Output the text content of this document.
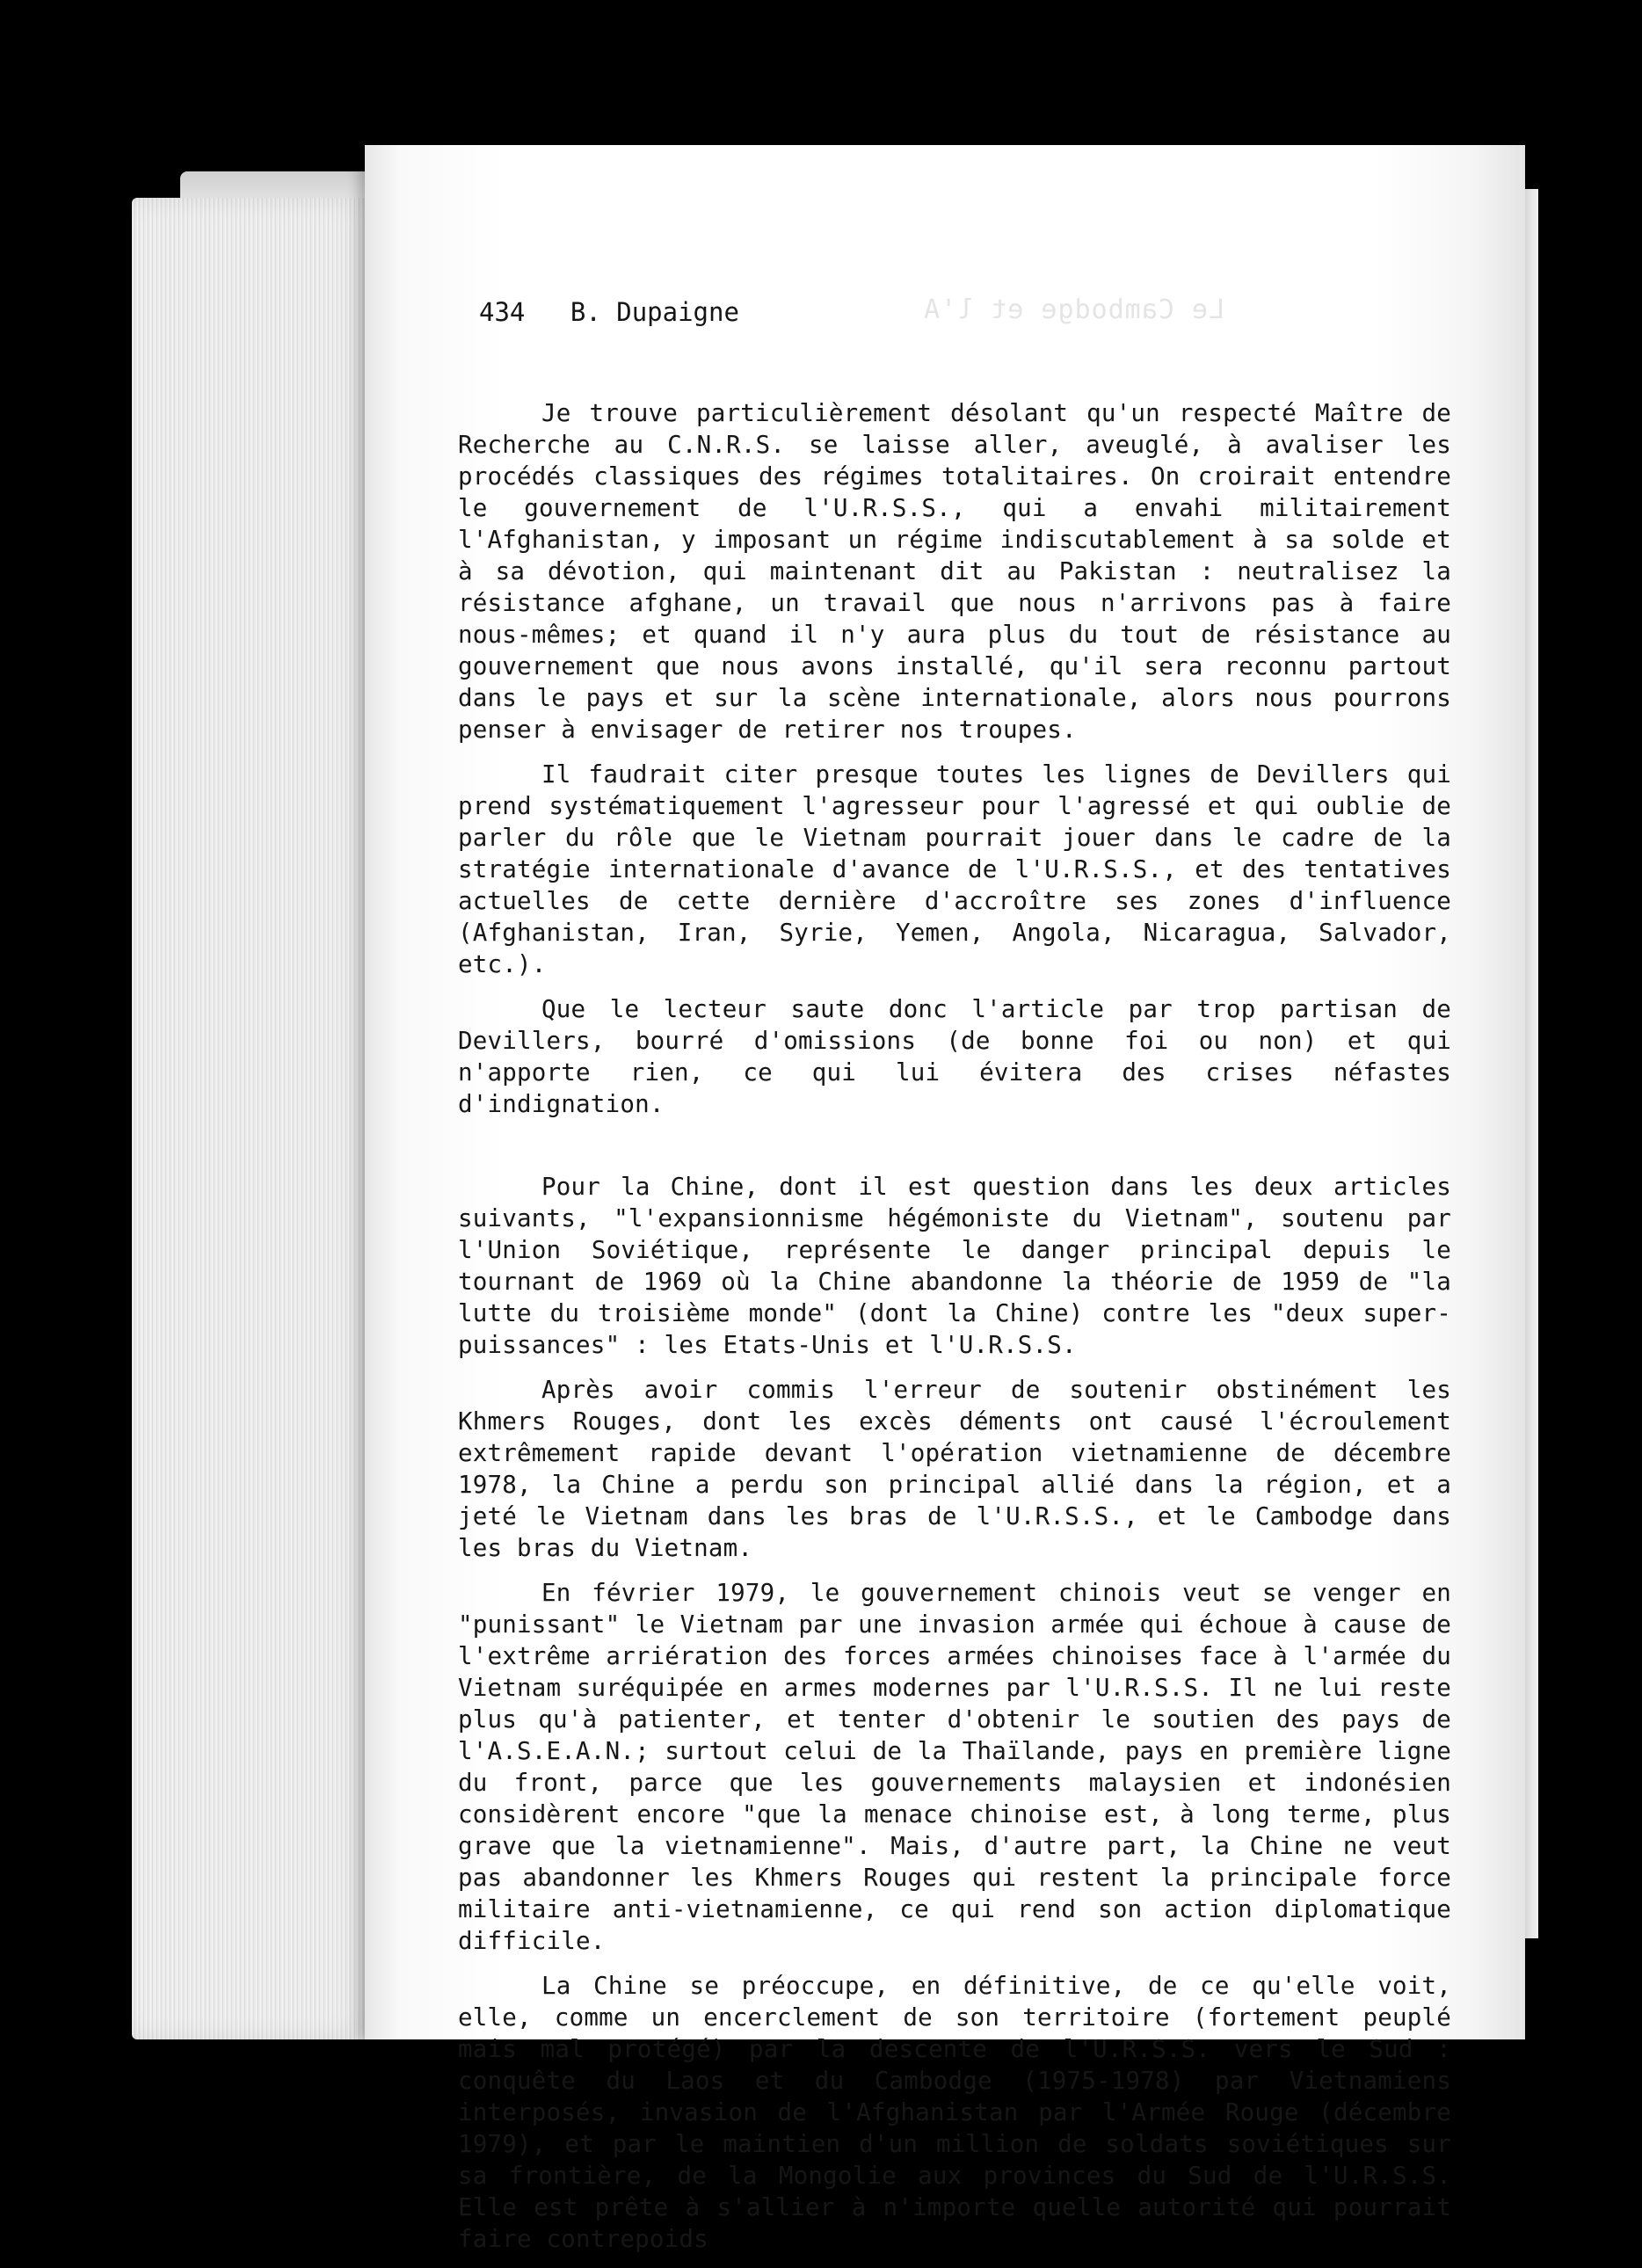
Le Cambodge et l'A
434 B. Dupaigne

Je trouve particulièrement désolant qu'un respecté Maître de Recherche au C.N.R.S. se laisse aller, aveuglé, à avaliser les procédés classiques des régimes totalitaires. On croirait entendre le gouvernement de l'U.R.S.S., qui a envahi militairement l'Afghanistan, y imposant un régime indiscutablement à sa solde et à sa dévotion, qui maintenant dit au Pakistan : neutralisez la résistance afghane, un travail que nous n'arrivons pas à faire nous-mêmes; et quand il n'y aura plus du tout de résistance au gouvernement que nous avons installé, qu'il sera reconnu partout dans le pays et sur la scène internationale, alors nous pourrons penser à envisager de retirer nos troupes.

Il faudrait citer presque toutes les lignes de Devillers qui prend systématiquement l'agresseur pour l'agressé et qui oublie de parler du rôle que le Vietnam pourrait jouer dans le cadre de la stratégie internationale d'avance de l'U.R.S.S., et des tentatives actuelles de cette dernière d'accroître ses zones d'influence (Afghanistan, Iran, Syrie, Yemen, Angola, Nicaragua, Salvador, etc.).

Que le lecteur saute donc l'article par trop partisan de Devillers, bourré d'omissions (de bonne foi ou non) et qui n'apporte rien, ce qui lui évitera des crises néfastes d'indignation.

Pour la Chine, dont il est question dans les deux articles suivants, "l'expansionnisme hégémoniste du Vietnam", soutenu par l'Union Soviétique, représente le danger principal depuis le tournant de 1969 où la Chine abandonne la théorie de 1959 de "la lutte du troisième monde" (dont la Chine) contre les "deux super-puissances" : les Etats-Unis et l'U.R.S.S.

Après avoir commis l'erreur de soutenir obstinément les Khmers Rouges, dont les excès déments ont causé l'écroulement extrêmement rapide devant l'opération vietnamienne de décembre 1978, la Chine a perdu son principal allié dans la région, et a jeté le Vietnam dans les bras de l'U.R.S.S., et le Cambodge dans les bras du Vietnam.

En février 1979, le gouvernement chinois veut se venger en "punissant" le Vietnam par une invasion armée qui échoue à cause de l'extrême arriération des forces armées chinoises face à l'armée du Vietnam suréquipée en armes modernes par l'U.R.S.S. Il ne lui reste plus qu'à patienter, et tenter d'obtenir le soutien des pays de l'A.S.E.A.N.; surtout celui de la Thaïlande, pays en première ligne du front, parce que les gouvernements malaysien et indonésien considèrent encore "que la menace chinoise est, à long terme, plus grave que la vietnamienne". Mais, d'autre part, la Chine ne veut pas abandonner les Khmers Rouges qui restent la principale force militaire anti-vietnamienne, ce qui rend son action diplomatique difficile.

La Chine se préoccupe, en définitive, de ce qu'elle voit, elle, comme un encerclement de son territoire (fortement peuplé mais mal protégé) par la descente de l'U.R.S.S. vers le Sud : conquête du Laos et du Cambodge (1975-1978) par Vietnamiens interposés, invasion de l'Afghanistan par l'Armée Rouge (décembre 1979), et par le maintien d'un million de soldats soviétiques sur sa frontière, de la Mongolie aux provinces du Sud de l'U.R.S.S. Elle est prête à s'allier à n'importe quelle autorité qui pourrait faire contrepoids
